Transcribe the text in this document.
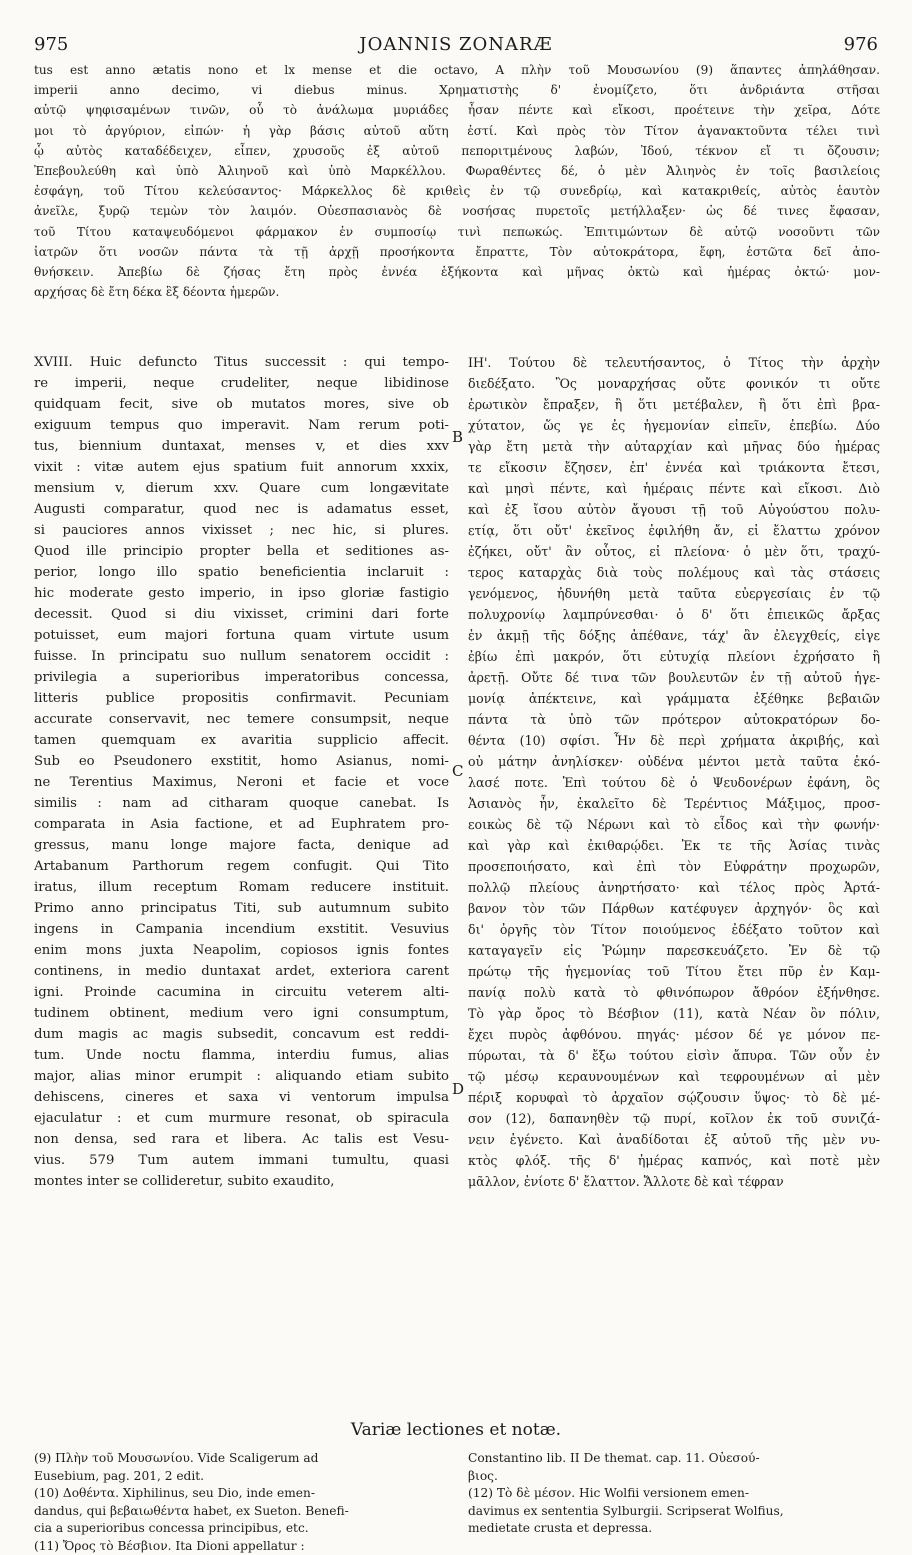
975	JOANNIS ZONARÆ	976
tus est anno ætatis nono et lx mense et die octavo, A πλὴν τοῦ Μουσωνίου (9) ἅπαντες ἀπηλάθησαν.
imperii anno decimo, vi diebus minus. Χρηματιστὴς δ' ἐνομίζετο, ὅτι ἀνδριάντα στῆσαι
αὐτῷ ψηφισαμένων τινῶν, οὗ τὸ ἀνάλωμα μυριάδες ἦσαν πέντε καὶ εἴκοσι, προέτεινε τὴν χεῖρα, Δότε
μοι τὸ ἀργύριον, εἰπών· ἡ γὰρ βάσις αὐτοῦ αὕτη ἐστί. Καὶ πρὸς τὸν Τίτον ἀγανακτοῦντα τέλει τινὶ
ᾧ αὐτὸς καταδέδειχεν, εἶπεν, χρυσοῦς ἐξ αὐτοῦ πεποριτμένους λαβών, Ἰδού, τέκνον εἴ τι ὄζουσιν;
Ἐπεβουλεύθη καὶ ὑπὸ Ἀλιηνοῦ καὶ ὑπὸ Μαρκέλλου. Φωραθέντες δέ, ὁ μὲν Ἀλιηνὸς ἐν τοῖς βασιλείοις
ἐσφάγη, τοῦ Τίτου κελεύσαντος· Μάρκελλος δὲ κριθεὶς ἐν τῷ συνεδρίῳ, καὶ κατακριθείς, αὐτὸς ἑαυτὸν
ἀνεῖλε, ξυρῷ τεμὼν τὸν λαιμόν. Οὐεσπασιανὸς δὲ νοσήσας πυρετοῖς μετήλλαξεν· ὡς δέ τινες ἔφασαν,
τοῦ Τίτου καταψευδόμενοι φάρμακον ἐν συμποσίῳ τινὶ πεπωκώς. Ἐπιτιμώντων δὲ αὐτῷ νοσοῦντι τῶν
ἰατρῶν ὅτι νοσῶν πάντα τὰ τῇ ἀρχῇ προσήκοντα ἔπραττε, Τὸν αὐτοκράτορα, ἔφη, ἑστῶτα δεῖ ἀπο-
θνήσκειν. Ἀπεβίω δὲ ζήσας ἔτη πρὸς ἐννέα ἑξήκοντα καὶ μῆνας ὀκτὼ καὶ ἡμέρας ὀκτώ· μον-
αρχήσας δὲ ἔτη δέκα ἓξ δέοντα ἡμερῶν.
XVIII. Huic defuncto Titus successit : qui tempo-
re imperii, neque crudeliter, neque libidinose
quidquam fecit, sive ob mutatos mores, sive ob
exiguum tempus quo imperavit. Nam rerum poti-
tus, biennium duntaxat, menses v, et dies xxv
vixit : vitæ autem ejus spatium fuit annorum xxxix,
mensium v, dierum xxv. Quare cum longævitate
Augusti comparatur, quod nec is adamatus esset,
si pauciores annos vixisset ; nec hic, si plures.
Quod ille principio propter bella et seditiones as-
perior, longo illo spatio beneficientia inclaruit :
hic moderate gesto imperio, in ipso gloriæ fastigio
decessit. Quod si diu vixisset, crimini dari forte
potuisset, eum majori fortuna quam virtute usum
fuisse. In principatu suo nullum senatorem occidit :
privilegia a superioribus imperatoribus concessa,
litteris publice propositis confirmavit. Pecuniam
accurate conservavit, nec temere consumpsit, neque
tamen quemquam ex avaritia supplicio affecit.
Sub eo Pseudonero exstitit, homo Asianus, nomi-
ne Terentius Maximus, Neroni et facie et voce
similis : nam ad citharam quoque canebat. Is
comparata in Asia factione, et ad Euphratem pro-
gressus, manu longe majore facta, denique ad
Artabanum Parthorum regem confugit. Qui Tito
iratus, illum receptum Romam reducere instituit.
Primo anno principatus Titi, sub autumnum subito
ingens in Campania incendium exstitit. Vesuvius
enim mons juxta Neapolim, copiosos ignis fontes
continens, in medio duntaxat ardet, exteriora carent
igni. Proinde cacumina in circuitu veterem alti-
tudinem obtinent, medium vero igni consumptum,
dum magis ac magis subsedit, concavum est reddi-
tum. Unde noctu flamma, interdiu fumus, alias
major, alias minor erumpit : aliquando etiam subito
dehiscens, cineres et saxa vi ventorum impulsa
ejaculatur : et cum murmure resonat, ob spiracula
non densa, sed rara et libera. Ac talis est Vesu-
vius. 579 Tum autem immani tumultu, quasi
montes inter se collideretur, subito exaudito,
B
C
D
ΙΗ'. Τούτου δὲ τελευτήσαντος, ὁ Τίτος τὴν ἀρχὴν
διεδέξατο. Ὃς μοναρχήσας οὔτε φονικόν τι οὔτε
ἐρωτικὸν ἔπραξεν, ἢ ὅτι μετέβαλεν, ἢ ὅτι ἐπὶ βρα-
χύτατον, ὥς γε ἐς ἡγεμονίαν εἰπεῖν, ἐπεβίω. Δύο
γὰρ ἔτη μετὰ τὴν αὐταρχίαν καὶ μῆνας δύο ἡμέρας
τε εἴκοσιν ἔζησεν, ἐπ' ἐννέα καὶ τριάκοντα ἔτεσι,
καὶ μησὶ πέντε, καὶ ἡμέραις πέντε καὶ εἴκοσι. Διὸ
καὶ ἐξ ἴσου αὐτὸν ἄγουσι τῇ τοῦ Αὐγούστου πολυ-
ετίᾳ, ὅτι οὔτ' ἐκεῖνος ἐφιλήθη ἄν, εἰ ἔλαττω χρόνον
ἐζήκει, οὔτ' ἂν οὗτος, εἰ πλείονα· ὁ μὲν ὅτι, τραχύ-
τερος καταρχὰς διὰ τοὺς πολέμους καὶ τὰς στάσεις
γενόμενος, ἠδυνήθη μετὰ ταῦτα εὐεργεσίαις ἐν τῷ
πολυχρονίῳ λαμπρύνεσθαι· ὁ δ' ὅτι ἐπιεικῶς ἄρξας
ἐν ἀκμῇ τῆς δόξης ἀπέθανε, τάχ' ἂν ἐλεγχθείς, εἰγε
ἐβίω ἐπὶ μακρόν, ὅτι εὐτυχίᾳ πλείονι ἐχρήσατο ἢ
ἀρετῇ. Οὔτε δέ τινα τῶν βουλευτῶν ἐν τῇ αὐτοῦ ἡγε-
μονίᾳ ἀπέκτεινε, καὶ γράμματα ἐξέθηκε βεβαιῶν
πάντα τὰ ὑπὸ τῶν πρότερον αὐτοκρατόρων δο-
θέντα (10) σφίσι. Ἦν δὲ περὶ χρήματα ἀκριβής, καὶ
οὐ μάτην ἀνηλίσκεν· οὐδένα μέντοι μετὰ ταῦτα ἐκό-
λασέ ποτε. Ἐπὶ τούτου δὲ ὁ Ψευδονέρων ἐφάνη, ὃς
Ἀσιανὸς ἦν, ἐκαλεῖτο δὲ Τερέντιος Μάξιμος, προσ-
εοικὼς δὲ τῷ Νέρωνι καὶ τὸ εἶδος καὶ τὴν φωνήν·
καὶ γὰρ καὶ ἐκιθαρῴδει. Ἐκ τε τῆς Ἀσίας τινὰς
προσεποιήσατο, καὶ ἐπὶ τὸν Εὐφράτην προχωρῶν,
πολλῷ πλείους ἀνηρτήσατο· καὶ τέλος πρὸς Ἀρτά-
βανον τὸν τῶν Πάρθων κατέφυγεν ἀρχηγόν· ὃς καὶ
δι' ὀργῆς τὸν Τίτον ποιούμενος ἐδέξατο τοῦτον καὶ
καταγαγεῖν εἰς Ῥώμην παρεσκευάζετο. Ἐν δὲ τῷ
πρώτῳ τῆς ἡγεμονίας τοῦ Τίτου ἔτει πῦρ ἐν Καμ-
πανίᾳ πολὺ κατὰ τὸ φθινόπωρον ἄθρόον ἐξήνθησε.
Τὸ γὰρ ὄρος τὸ Βέσβιον (11), κατὰ Νέαν ὂν πόλιν,
ἔχει πυρὸς ἀφθόνου. πηγάς· μέσον δέ γε μόνον πε-
πύρωται, τὰ δ' ἔξω τούτου εἰσὶν ἄπυρα. Τῶν οὖν ἐν
τῷ μέσῳ κεραυνουμένων καὶ τεφρουμένων αἱ μὲν
πέριξ κορυφαὶ τὸ ἀρχαῖον σῴζουσιν ὕψος· τὸ δὲ μέ-
σον (12), δαπανηθὲν τῷ πυρί, κοῖλον ἐκ τοῦ συνιζά-
νειν ἐγένετο. Καὶ ἀναδίδοται ἐξ αὐτοῦ τῆς μὲν νυ-
κτὸς φλόξ. τῆς δ' ἡμέρας καπνός, καὶ ποτὲ μὲν
μᾶλλον, ἐνίοτε δ' ἔλαττον. Ἄλλοτε δὲ καὶ τέφραν
Variæ lectiones et notæ.
(9) Πλὴν τοῦ Μουσωνίου. Vide Scaligerum ad
Eusebium, pag. 201, 2 edit.
(10) Δοθέντα. Xiphilinus, seu Dio, inde emen-
dandus, qui βεβαιωθέντα habet, ex Sueton. Benefi-
cia a superioribus concessa principibus, etc.
(11) Ὄρος τὸ Βέσβιον. Ita Dioni appellatur :
Constantino lib. II De themat. cap. 11. Οὐεσού-
βιος.
(12) Τὸ δὲ μέσον. Hic Wolfii versionem emen-
davimus ex sententia Sylburgii. Scripserat Wolfius,
medietate crusta et depressa.
